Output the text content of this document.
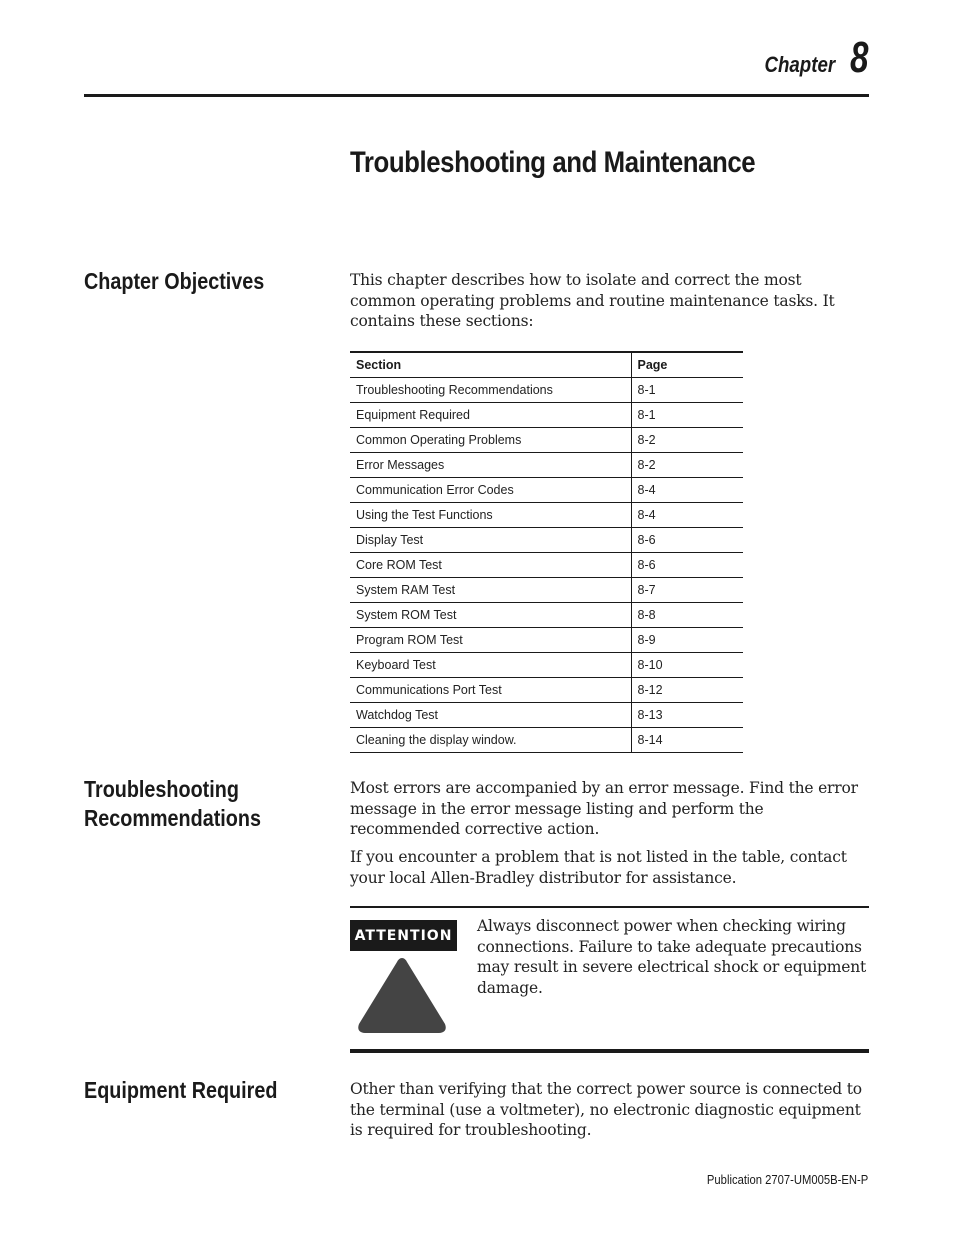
Chapter 8
Troubleshooting and Maintenance
Chapter Objectives	This chapter describes how to isolate and correct the most common operating problems and routine maintenance tasks. It contains these sections:

Section	Page
Troubleshooting Recommendations	8-1
Equipment Required	8-1
Common Operating Problems	8-2
Error Messages	8-2
Communication Error Codes	8-4
Using the Test Functions	8-4
Display Test	8-6
Core ROM Test	8-6
System RAM Test	8-7
System ROM Test	8-8
Program ROM Test	8-9
Keyboard Test	8-10
Communications Port Test	8-12
Watchdog Test	8-13
Cleaning the display window.	8-14
Troubleshooting
Recommendations

Most errors are accompanied by an error message. Find the error message in the error message listing and perform the recommended corrective action.

If you encounter a problem that is not listed in the table, contact your local Allen-Bradley distributor for assistance.

ATTENTION

Always disconnect power when checking wiring connections. Failure to take adequate precautions may result in severe electrical shock or equipment damage.

Equipment Required	Other than verifying that the correct power source is connected to the terminal (use a voltmeter), no electronic diagnostic equipment is required for troubleshooting.

Publication 2707-UM005B-EN-P
